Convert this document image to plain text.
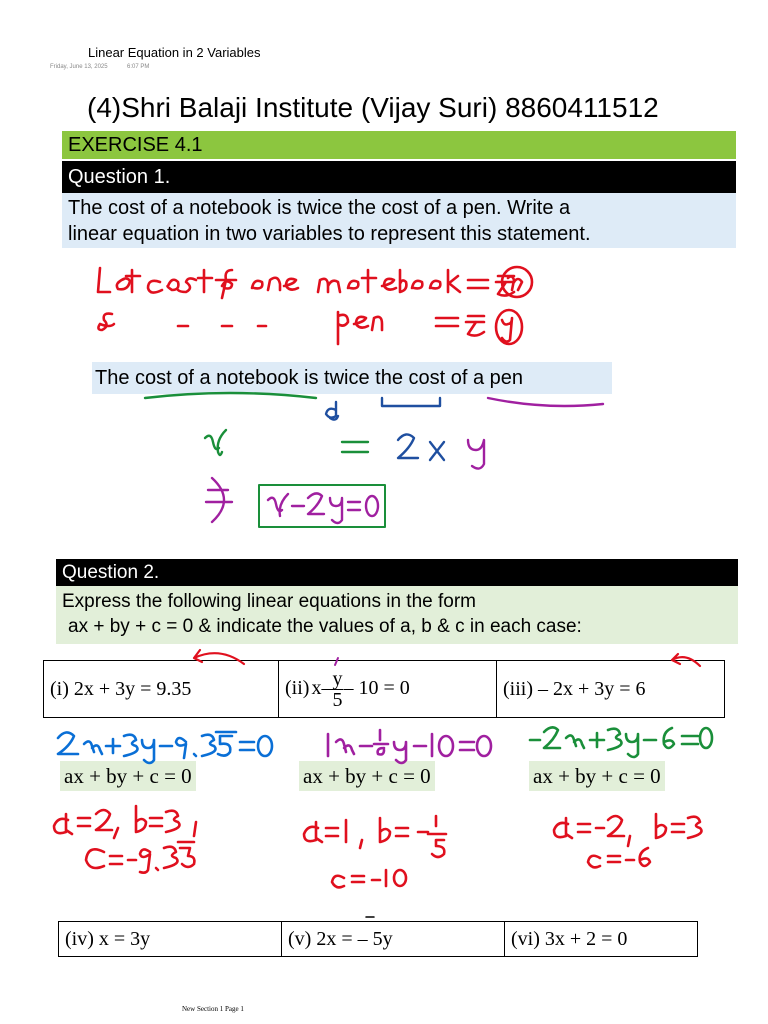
Linear Equation in 2 Variables
Friday, June 13, 2025	6:07 PM
(4)Shri Balaji Institute (Vijay Suri) 8860411512
EXERCISE 4.1
Question 1.
The cost of a notebook is twice the cost of a pen. Write a
linear equation in two variables to represent this statement.
The cost of a notebook is twice the cost of a pen
Question 2.
Express the following linear equations in the form
ax + by + c = 0 & indicate the values of a, b & c in each case:
(i) 2x + 3y = 9.35	(ii) $x- \frac{y}{5} - 10 = 0$	(iii) – 2x + 3y = 6
ax + by + c = 0	ax + by + c = 0	ax + by + c = 0
(iv) x = 3y	(v) 2x = – 5y	(vi) 3x + 2 = 0
New Section 1 Page 1
